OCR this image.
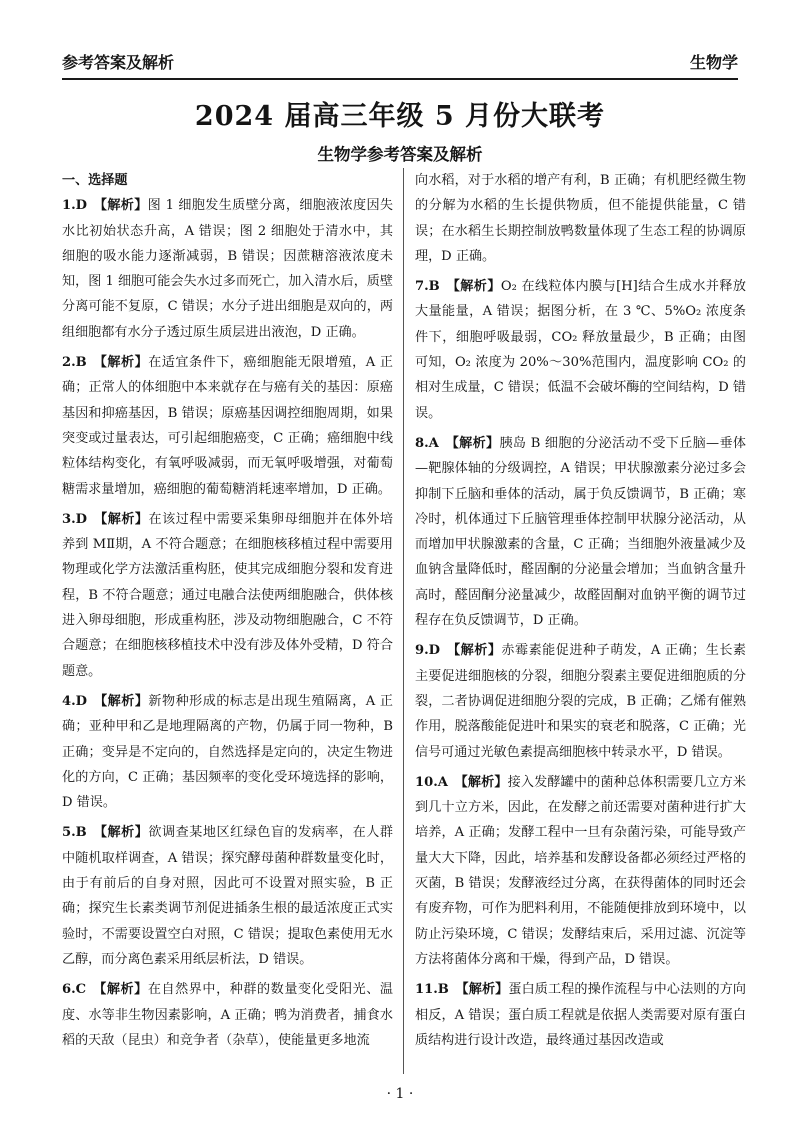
参考答案及解析	生物学
2024 届高三年级 5 月份大联考
生物学参考答案及解析

一、选择题

1.D  【解析】图 1 细胞发生质壁分离，细胞液浓度因失水比初始状态升高，A 错误；图 2 细胞处于清水中，其细胞的吸水能力逐渐减弱，B 错误；因蔗糖溶液浓度未知，图 1 细胞可能会失水过多而死亡，加入清水后，质壁分离可能不复原，C 错误；水分子进出细胞是双向的，两组细胞都有水分子透过原生质层进出液泡，D 正确。

2.B  【解析】在适宜条件下，癌细胞能无限增殖，A 正确；正常人的体细胞中本来就存在与癌有关的基因：原癌基因和抑癌基因，B 错误；原癌基因调控细胞周期，如果突变或过量表达，可引起细胞癌变，C 正确；癌细胞中线粒体结构变化，有氧呼吸减弱，而无氧呼吸增强，对葡萄糖需求量增加，癌细胞的葡萄糖消耗速率增加，D 正确。

3.D  【解析】在该过程中需要采集卵母细胞并在体外培养到 MⅡ期，A 不符合题意；在细胞核移植过程中需要用物理或化学方法激活重构胚，使其完成细胞分裂和发育进程，B 不符合题意；通过电融合法使两细胞融合，供体核进入卵母细胞，形成重构胚，涉及动物细胞融合，C 不符合题意；在细胞核移植技术中没有涉及体外受精，D 符合题意。

4.D  【解析】新物种形成的标志是出现生殖隔离，A 正确；亚种甲和乙是地理隔离的产物，仍属于同一物种，B 正确；变异是不定向的，自然选择是定向的，决定生物进化的方向，C 正确；基因频率的变化受环境选择的影响，D 错误。

5.B  【解析】欲调查某地区红绿色盲的发病率，在人群中随机取样调查，A 错误；探究酵母菌种群数量变化时，由于有前后的自身对照，因此可不设置对照实验，B 正确；探究生长素类调节剂促进插条生根的最适浓度正式实验时，不需要设置空白对照，C 错误；提取色素使用无水乙醇，而分离色素采用纸层析法，D 错误。

6.C  【解析】在自然界中，种群的数量变化受阳光、温度、水等非生物因素影响，A 正确；鸭为消费者，捕食水稻的天敌（昆虫）和竞争者（杂草），使能量更多地流

向水稻，对于水稻的增产有利，B 正确；有机肥经微生物的分解为水稻的生长提供物质，但不能提供能量，C 错误；在水稻生长期控制放鸭数量体现了生态工程的协调原理，D 正确。

7.B  【解析】O₂ 在线粒体内膜与[H]结合生成水并释放大量能量，A 错误；据图分析，在 3 ℃、5%O₂ 浓度条件下，细胞呼吸最弱，CO₂ 释放量最少，B 正确；由图可知，O₂ 浓度为 20%～30%范围内，温度影响 CO₂ 的相对生成量，C 错误；低温不会破坏酶的空间结构，D 错误。

8.A  【解析】胰岛 B 细胞的分泌活动不受下丘脑—垂体—靶腺体轴的分级调控，A 错误；甲状腺激素分泌过多会抑制下丘脑和垂体的活动，属于负反馈调节，B 正确；寒冷时，机体通过下丘脑管理垂体控制甲状腺分泌活动，从而增加甲状腺激素的含量，C 正确；当细胞外液量减少及血钠含量降低时，醛固酮的分泌量会增加；当血钠含量升高时，醛固酮分泌量减少，故醛固酮对血钠平衡的调节过程存在负反馈调节，D 正确。

9.D  【解析】赤霉素能促进种子萌发，A 正确；生长素主要促进细胞核的分裂，细胞分裂素主要促进细胞质的分裂，二者协调促进细胞分裂的完成，B 正确；乙烯有催熟作用，脱落酸能促进叶和果实的衰老和脱落，C 正确；光信号可通过光敏色素提高细胞核中转录水平，D 错误。

10.A  【解析】接入发酵罐中的菌种总体积需要几立方米到几十立方米，因此，在发酵之前还需要对菌种进行扩大培养，A 正确；发酵工程中一旦有杂菌污染，可能导致产量大大下降，因此，培养基和发酵设备都必须经过严格的灭菌，B 错误；发酵液经过分离，在获得菌体的同时还会有废弃物，可作为肥料利用，不能随便排放到环境中，以防止污染环境，C 错误；发酵结束后，采用过滤、沉淀等方法将菌体分离和干燥，得到产品，D 错误。

11.B  【解析】蛋白质工程的操作流程与中心法则的方向相反，A 错误；蛋白质工程就是依据人类需要对原有蛋白质结构进行设计改造，最终通过基因改造或

· 1 ·
